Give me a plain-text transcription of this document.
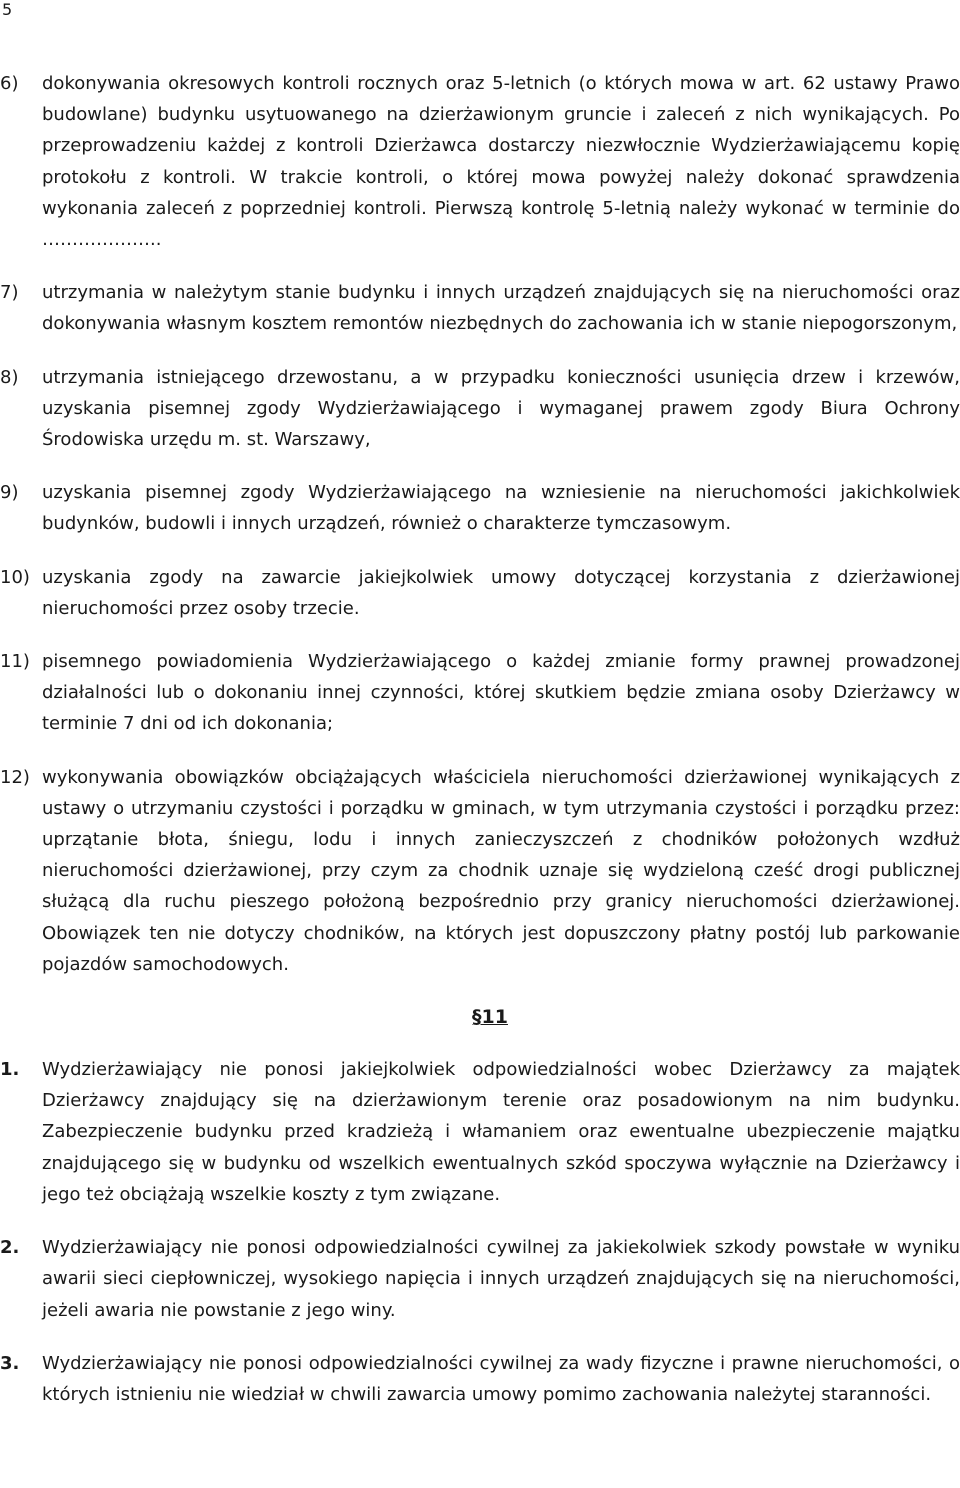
5
6) dokonywania okresowych kontroli rocznych oraz 5-letnich (o których mowa w art. 62 ustawy Prawo budowlane) budynku usytuowanego na dzierżawionym gruncie i zaleceń z nich wynikających. Po przeprowadzeniu każdej z kontroli Dzierżawca dostarczy niezwłocznie Wydzierżawiającemu kopię protokołu z kontroli. W trakcie kontroli, o której mowa powyżej należy dokonać sprawdzenia wykonania zaleceń z poprzedniej kontroli. Pierwszą kontrolę 5-letnią należy wykonać w terminie do ………………..
7) utrzymania w należytym stanie budynku i innych urządzeń znajdujących się na nieruchomości oraz dokonywania własnym kosztem remontów niezbędnych do zachowania ich w stanie niepogorszonym,
8) utrzymania istniejącego drzewostanu, a w przypadku konieczności usunięcia drzew i krzewów, uzyskania pisemnej zgody Wydzierżawiającego i wymaganej prawem zgody Biura Ochrony Środowiska urzędu m. st. Warszawy,
9) uzyskania pisemnej zgody Wydzierżawiającego na wzniesienie na nieruchomości jakichkolwiek budynków, budowli i innych urządzeń, również o charakterze tymczasowym.
10) uzyskania zgody na zawarcie jakiejkolwiek umowy dotyczącej korzystania z dzierżawionej nieruchomości przez osoby trzecie.
11) pisemnego powiadomienia Wydzierżawiającego o każdej zmianie formy prawnej prowadzonej działalności lub o dokonaniu innej czynności, której skutkiem będzie zmiana osoby Dzierżawcy w terminie 7 dni od ich dokonania;
12) wykonywania obowiązków obciążających właściciela nieruchomości dzierżawionej wynikających z ustawy o utrzymaniu czystości i porządku w gminach, w tym utrzymania czystości i porządku przez: uprzątanie błota, śniegu, lodu i innych zanieczyszczeń z chodników położonych wzdłuż nieruchomości dzierżawionej, przy czym za chodnik uznaje się wydzieloną cześć drogi publicznej służącą dla ruchu pieszego położoną bezpośrednio przy granicy nieruchomości dzierżawionej. Obowiązek ten nie dotyczy chodników, na których jest dopuszczony płatny postój lub parkowanie pojazdów samochodowych.
§11
1. Wydzierżawiający nie ponosi jakiejkolwiek odpowiedzialności wobec Dzierżawcy za majątek Dzierżawcy znajdujący się na dzierżawionym terenie oraz posadowionym na nim budynku. Zabezpieczenie budynku przed kradzieżą i włamaniem oraz ewentualne ubezpieczenie majątku znajdującego się w budynku od wszelkich ewentualnych szkód spoczywa wyłącznie na Dzierżawcy i jego też obciążają wszelkie koszty z tym związane.
2. Wydzierżawiający nie ponosi odpowiedzialności cywilnej za jakiekolwiek szkody powstałe w wyniku awarii sieci ciepłowniczej, wysokiego napięcia i innych urządzeń znajdujących się na nieruchomości, jeżeli awaria nie powstanie z jego winy.
3. Wydzierżawiający nie ponosi odpowiedzialności cywilnej za wady fizyczne i prawne nieruchomości, o których istnieniu nie wiedział w chwili zawarcia umowy pomimo zachowania należytej staranności.
